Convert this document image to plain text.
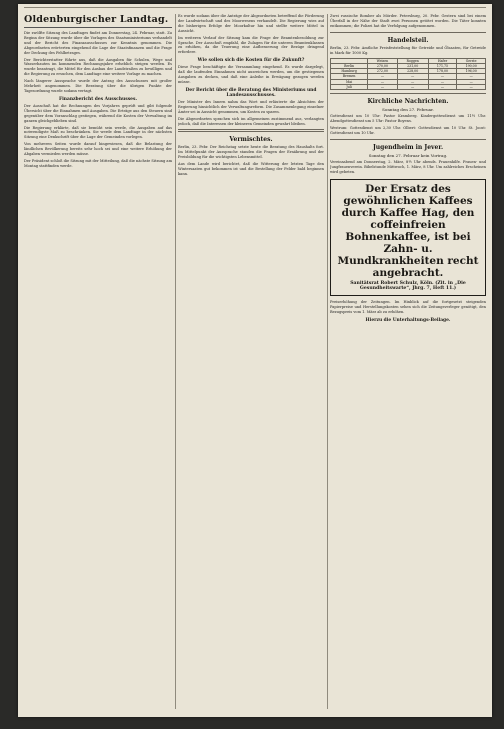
Oldenburgischer Landtag.

Die zwölfte Sitzung des Landtages findet am Donnerstag, 24. Februar, statt. Zu Beginn der Sitzung wurde über die Vorlagen des Staatsministeriums verhandelt und der Bericht des Finanzausschusses zur Kenntnis genommen. Die Abgeordneten erörterten eingehend die Lage der Staatsfinanzen und die Frage der Deckung des Fehlbetrages.

Der Berichterstatter führte aus, daß die Ausgaben für Schulen, Wege und Wasserbauten im kommenden Rechnungsjahre erheblich steigen werden. Es wurde beantragt, die Mittel für den Ausbau der Landstraßen zu bewilligen und die Regierung zu ersuchen, dem Landtage eine weitere Vorlage zu machen.

Nach längerer Aussprache wurde der Antrag des Ausschusses mit großer Mehrheit angenommen. Die Beratung über die übrigen Punkte der Tagesordnung wurde sodann vertagt.

Finanzbericht des Ausschusses.

Der Ausschuß hat die Rechnungen des Vorjahres geprüft und gibt folgende Übersicht über die Einnahmen und Ausgaben. Die Erträge aus den Steuern sind gegenüber dem Voranschlag gestiegen, während die Kosten der Verwaltung im ganzen gleichgeblieben sind.

Die Regierung erklärte, daß sie bemüht sein werde, die Ausgaben auf das notwendigste Maß zu beschränken. Sie werde dem Landtage in der nächsten Sitzung eine Denkschrift über die Lage der Gemeinden vorlegen.

Von mehreren Seiten wurde darauf hingewiesen, daß die Belastung der ländlichen Bevölkerung bereits sehr hoch sei und eine weitere Erhöhung der Abgaben vermieden werden müsse.

Der Präsident schloß die Sitzung mit der Mitteilung, daß die nächste Sitzung am Montag stattfinden werde.

Es wurde sodann über die Anträge der Abgeordneten betreffend die Förderung der Landwirtschaft und des Moorwesens verhandelt. Die Regierung wies auf die bisherigen Erfolge der Moorkultur hin und stellte weitere Mittel in Aussicht.

Im weiteren Verlauf der Sitzung kam die Frage der Beamtenbesoldung zur Sprache. Der Ausschuß empfahl, die Zulagen für die unteren Beamtenklassen zu erhöhen, da die Teuerung eine Aufbesserung der Bezüge dringend erfordere.

Wie sollen sich die Kosten für die Zukunft?

Diese Frage beschäftigte die Versammlung eingehend. Es wurde dargelegt, daß die laufenden Einnahmen nicht ausreichen werden, um die gestiegenen Ausgaben zu decken, und daß eine Anleihe in Erwägung gezogen werden müsse.

Der Bericht über die Beratung des Ministeriums und Landesausschusses.

Der Minister des Innern nahm das Wort und erläuterte die Absichten der Regierung hinsichtlich der Verwaltungsreform. Die Zusammenlegung einzelner Ämter sei in Aussicht genommen, um Kosten zu sparen.

Die Abgeordneten sprachen sich im allgemeinen zustimmend aus, verlangten jedoch, daß die Interessen der kleineren Gemeinden gewahrt bleiben.

Vermischtes.

Berlin, 23. Febr. Der Reichstag setzte heute die Beratung des Haushalts fort. Im Mittelpunkt der Aussprache standen die Fragen der Ernährung und der Preisbildung für die wichtigsten Lebensmittel.

Aus dem Lande wird berichtet, daß die Witterung der letzten Tage den Wintersaaten gut bekommen ist und die Bestellung der Felder bald beginnen kann.

Zwei russische Bomber als Mörder. Petersburg, 20. Febr. Gestern sind bei einem Überfall in der Nähe der Stadt zwei Personen getötet worden. Die Täter konnten entkommen; die Polizei hat die Verfolgung aufgenommen.

Handelsteil.

Berlin, 23. Febr. Amtliche Preisfeststellung für Getreide und Ölsaaten, für Getreide in Mark für 1000 Kg.

	Weizen	Roggen	Hafer	Gerste
Berlin	270,00	231,00	171,75	190,00
Hamburg	272,00	228,00	178,00	196,00
Bremen	—	—	—	—
Mai	—	—	—	—
Juli	—	—	—	—
Kirchliche Nachrichten.
Sonntag den 27. Februar.

Gottesdienst um 10 Uhr: Pastor Kramberg. Kindergottesdienst um 11½ Uhr. Abendgottesdienst um 5 Uhr: Pastor Boyens.

Westrum: Gottesdienst um 2,30 Uhr. Olbert: Gottesdienst um 10 Uhr. St. Joost: Gottesdienst um 10 Uhr.

Jugendheim in Jever.
Sonntag den 27. Februar kein Vortrag.

Vereinsabend am Donnerstag, 2. März, 8½ Uhr abends. Frauenhilfe. Frauen- und Jungfrauenverein. Bibelstunde Mittwoch, 1. März, 8 Uhr. Um zahlreiches Erscheinen wird gebeten.

Der Ersatz des gewöhnlichen Kaffees durch Kaffee Hag, den coffeinfreien Bohnenkaffee, ist bei Zahn- u. Mundkrankheiten recht angebracht.
Sanitätsrat Robert Schulz, Köln. (Zit. in „Die Gesundheitswarte“, Jhrg. 7, Heft 11.)

Preiserhöhung der Zeitungen. Im Hinblick auf die fortgesetzt steigenden Papierpreise und Herstellungskosten sehen sich die Zeitungsverleger genötigt, den Bezugspreis vom 1. März ab zu erhöhen.

Hierzu die Unterhaltungs-Beilage.
